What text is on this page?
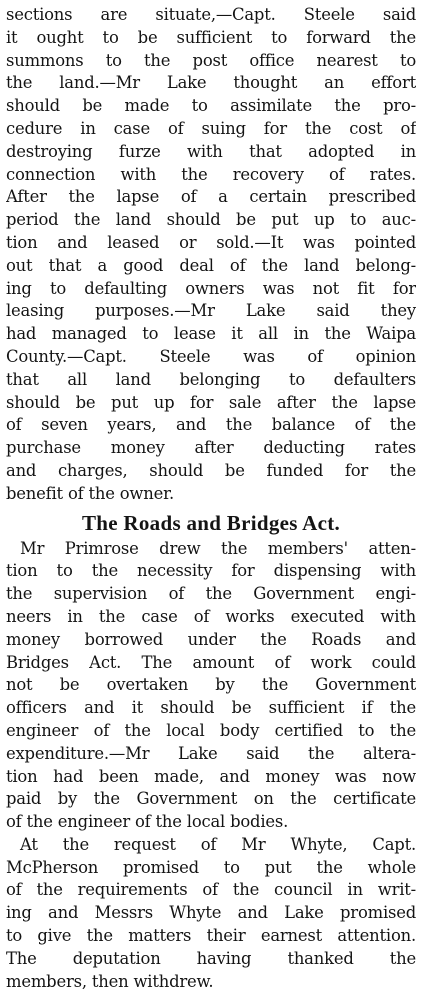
sections are situate,—Capt. Steele said
it ought to be sufficient to forward the
summons to the post office nearest to
the land.—Mr Lake thought an effort
should be made to assimilate the pro-
cedure in case of suing for the cost of
destroying furze with that adopted in
connection with the recovery of rates.
After the lapse of a certain prescribed
period the land should be put up to auc-
tion and leased or sold.—It was pointed
out that a good deal of the land belong-
ing to defaulting owners was not fit for
leasing purposes.—Mr Lake said they
had managed to lease it all in the Waipa
County.—Capt. Steele was of opinion
that all land belonging to defaulters
should be put up for sale after the lapse
of seven years, and the balance of the
purchase money after deducting rates
and charges, should be funded for the
benefit of the owner.
The Roads and Bridges Act.
Mr Primrose drew the members' atten-
tion to the necessity for dispensing with
the supervision of the Government engi-
neers in the case of works executed with
money borrowed under the Roads and
Bridges Act. The amount of work could
not be overtaken by the Government
officers and it should be sufficient if the
engineer of the local body certified to the
expenditure.—Mr Lake said the altera-
tion had been made, and money was now
paid by the Government on the certificate
of the engineer of the local bodies.
At the request of Mr Whyte, Capt.
McPherson promised to put the whole
of the requirements of the council in writ-
ing and Messrs Whyte and Lake promised
to give the matters their earnest attention.
The deputation having thanked the
members, then withdrew.
